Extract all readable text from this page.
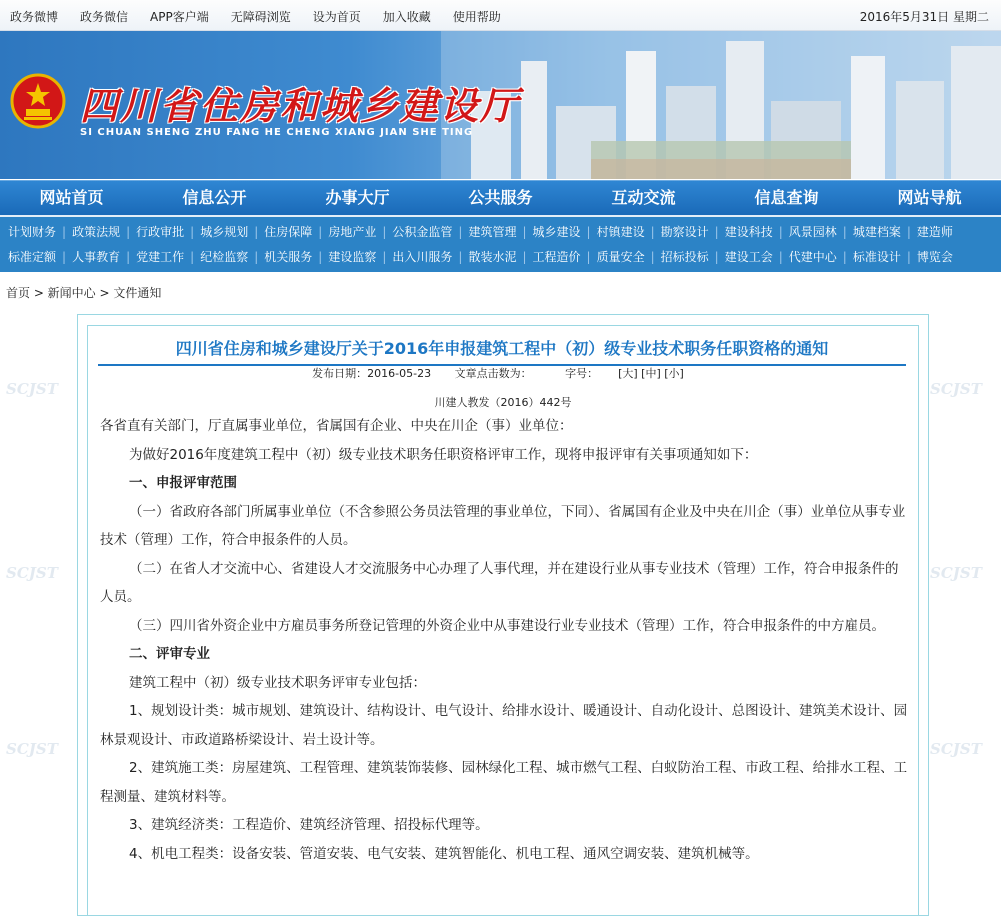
政务微博 政务微信 APP客户端 无障碍浏览 设为首页 加入收藏 使用帮助	2016年5月31日 星期二
四川省住房和城乡建设厅
SI CHUAN SHENG ZHU FANG HE CHENG XIANG JIAN SHE TING
网站首页	信息公开	办事大厅	公共服务	互动交流	信息查询	网站导航
计划财务 | 政策法规 | 行政审批 | 城乡规划 | 住房保障 | 房地产业 | 公积金监管 | 建筑管理 | 城乡建设 | 村镇建设 | 勘察设计 | 建设科技 | 风景园林 | 城建档案 | 建造师
标准定额 | 人事教育 | 党建工作 | 纪检监察 | 机关服务 | 建设监察 | 出入川服务 | 散装水泥 | 工程造价 | 质量安全 | 招标投标 | 建设工会 | 代建中心 | 标准设计 | 博览会
首页 > 新闻中心 > 文件通知
SCJST
SCJST
SCJST
SCJST
SCJST
SCJST
四川省住房和城乡建设厅关于2016年申报建筑工程中（初）级专业技术职务任职资格的通知
发布日期：2016-05-23 文章点击数为：	字号： [大] [中] [小]
川建人教发（2016）442号

各省直有关部门，厅直属事业单位，省属国有企业、中央在川企（事）业单位：

为做好2016年度建筑工程中（初）级专业技术职务任职资格评审工作，现将申报评审有关事项通知如下：

一、申报评审范围

（一）省政府各部门所属事业单位（不含参照公务员法管理的事业单位，下同）、省属国有企业及中央在川企（事）业单位从事专业技术（管理）工作，符合申报条件的人员。

（二）在省人才交流中心、省建设人才交流服务中心办理了人事代理，并在建设行业从事专业技术（管理）工作，符合申报条件的人员。

（三）四川省外资企业中方雇员事务所登记管理的外资企业中从事建设行业专业技术（管理）工作，符合申报条件的中方雇员。

二、评审专业

建筑工程中（初）级专业技术职务评审专业包括：

1、规划设计类：城市规划、建筑设计、结构设计、电气设计、给排水设计、暖通设计、自动化设计、总图设计、建筑美术设计、园林景观设计、市政道路桥梁设计、岩土设计等。

2、建筑施工类：房屋建筑、工程管理、建筑装饰装修、园林绿化工程、城市燃气工程、白蚁防治工程、市政工程、给排水工程、工程测量、建筑材料等。

3、建筑经济类：工程造价、建筑经济管理、招投标代理等。

4、机电工程类：设备安装、管道安装、电气安装、建筑智能化、机电工程、通风空调安装、建筑机械等。
